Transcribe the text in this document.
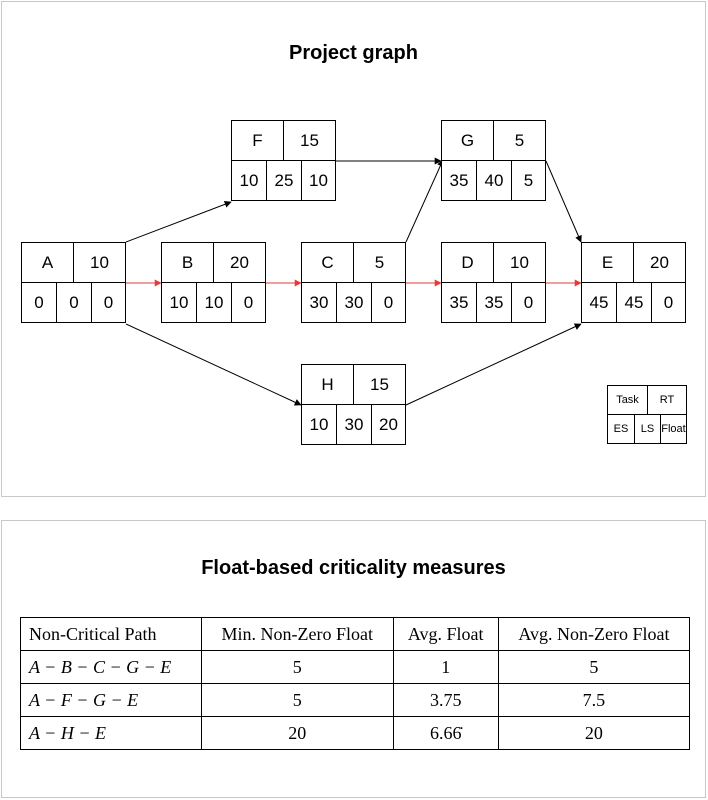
Project graph
A	10
0	0	0
B	20
10 10	0
C	5
30 30	0
D	10
35 35	0
E	20
45 45	0
F	15
10 25 10
G	5
35 40	5
H	15
10 30 20
Task	RT
ES	LS Float
Float-based criticality measures
Non-Critical Path	Min. Non-Zero Float	Avg. Float	Avg. Non-Zero Float
A − B − C − G − E	5	1	5
A − F − G − E	5	3.75	7.5
A − H − E	20	6.66̇	20
